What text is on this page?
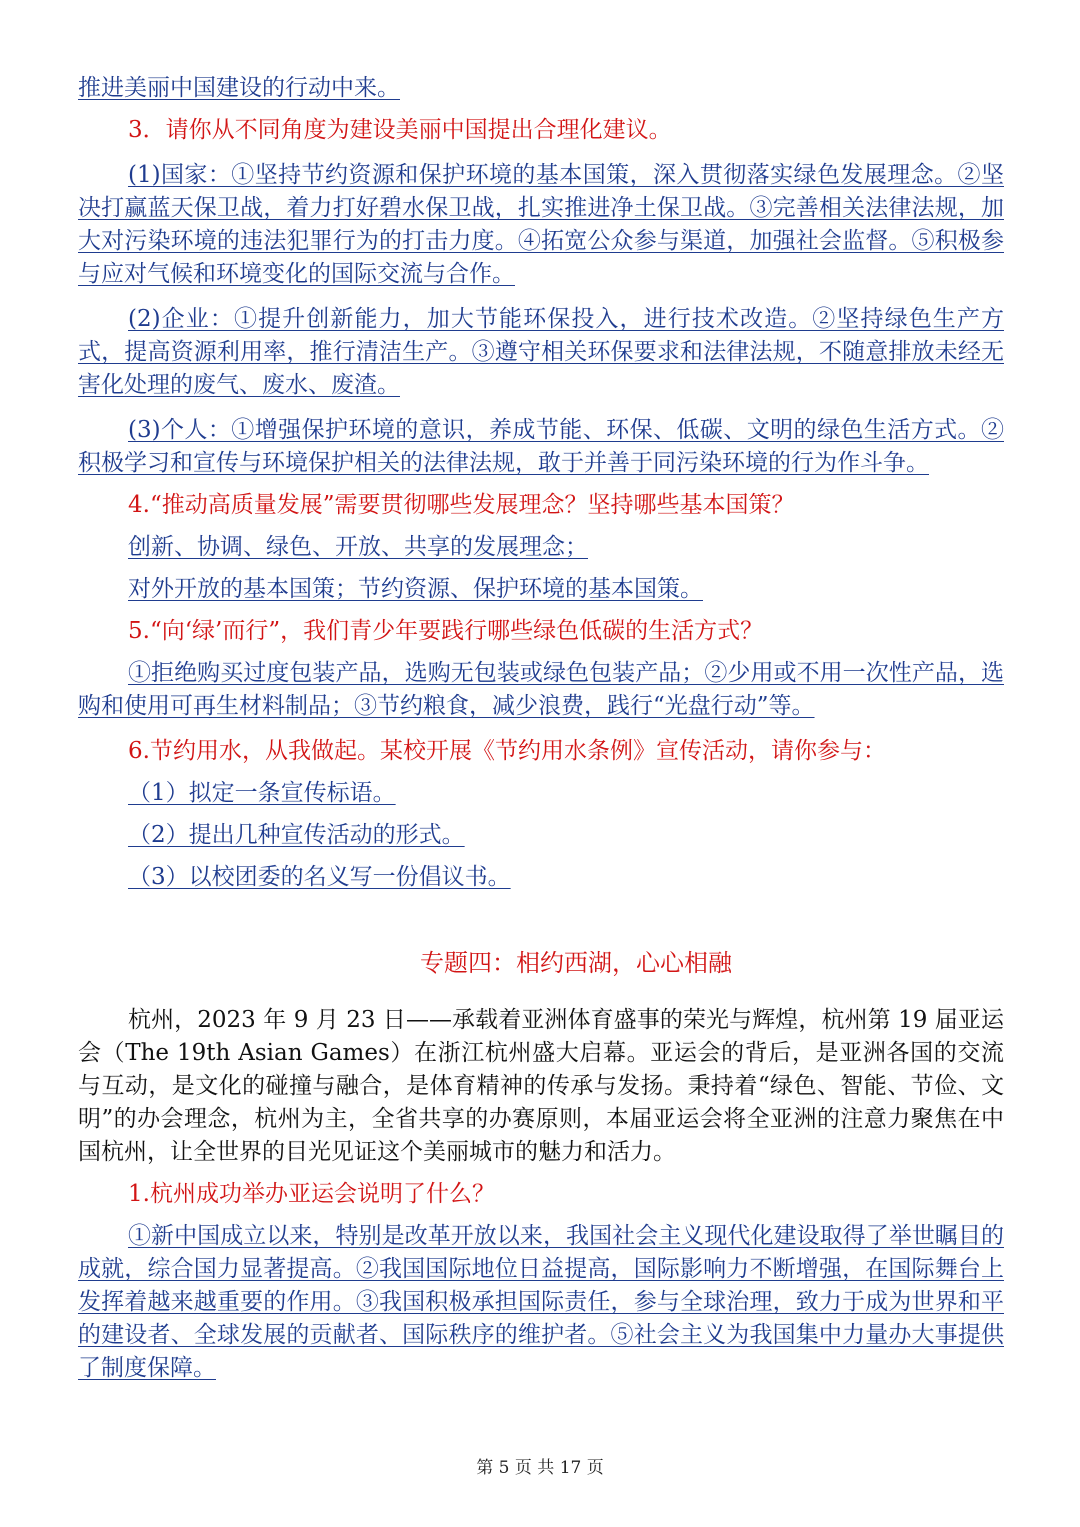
推进美丽中国建设的行动中来。

3．请你从不同角度为建设美丽中国提出合理化建议。

(1)国家：①坚持节约资源和保护环境的基本国策，深入贯彻落实绿色发展理念。②坚决打赢蓝天保卫战，着力打好碧水保卫战，扎实推进净土保卫战。③完善相关法律法规，加大对污染环境的违法犯罪行为的打击力度。④拓宽公众参与渠道，加强社会监督。⑤积极参与应对气候和环境变化的国际交流与合作。

(2)企业：①提升创新能力，加大节能环保投入，进行技术改造。②坚持绿色生产方式，提高资源利用率，推行清洁生产。③遵守相关环保要求和法律法规，不随意排放未经无害化处理的废气、废水、废渣。

(3)个人：①增强保护环境的意识，养成节能、环保、低碳、文明的绿色生活方式。②积极学习和宣传与环境保护相关的法律法规，敢于并善于同污染环境的行为作斗争。

4.“推动高质量发展”需要贯彻哪些发展理念？坚持哪些基本国策？

创新、协调、绿色、开放、共享的发展理念；

对外开放的基本国策；节约资源、保护环境的基本国策。

5.“向‘绿’而行”，我们青少年要践行哪些绿色低碳的生活方式？

①拒绝购买过度包装产品，选购无包装或绿色包装产品；②少用或不用一次性产品，选购和使用可再生材料制品；③节约粮食，减少浪费，践行“光盘行动”等。

6.节约用水，从我做起。某校开展《节约用水条例》宣传活动，请你参与：

（1）拟定一条宣传标语。

（2）提出几种宣传活动的形式。

（3）以校团委的名义写一份倡议书。

专题四：相约西湖，心心相融

杭州，2023 年 9 月 23 日——承载着亚洲体育盛事的荣光与辉煌，杭州第 19 届亚运会（The 19th Asian Games）在浙江杭州盛大启幕。亚运会的背后，是亚洲各国的交流与互动，是文化的碰撞与融合，是体育精神的传承与发扬。秉持着“绿色、智能、节俭、文明”的办会理念，杭州为主，全省共享的办赛原则，本届亚运会将全亚洲的注意力聚焦在中国杭州，让全世界的目光见证这个美丽城市的魅力和活力。

1.杭州成功举办亚运会说明了什么？

①新中国成立以来，特别是改革开放以来，我国社会主义现代化建设取得了举世瞩目的成就，综合国力显著提高。②我国国际地位日益提高，国际影响力不断增强，在国际舞台上发挥着越来越重要的作用。③我国积极承担国际责任，参与全球治理，致力于成为世界和平的建设者、全球发展的贡献者、国际秩序的维护者。⑤社会主义为我国集中力量办大事提供了制度保障。

第 5 页 共 17 页
